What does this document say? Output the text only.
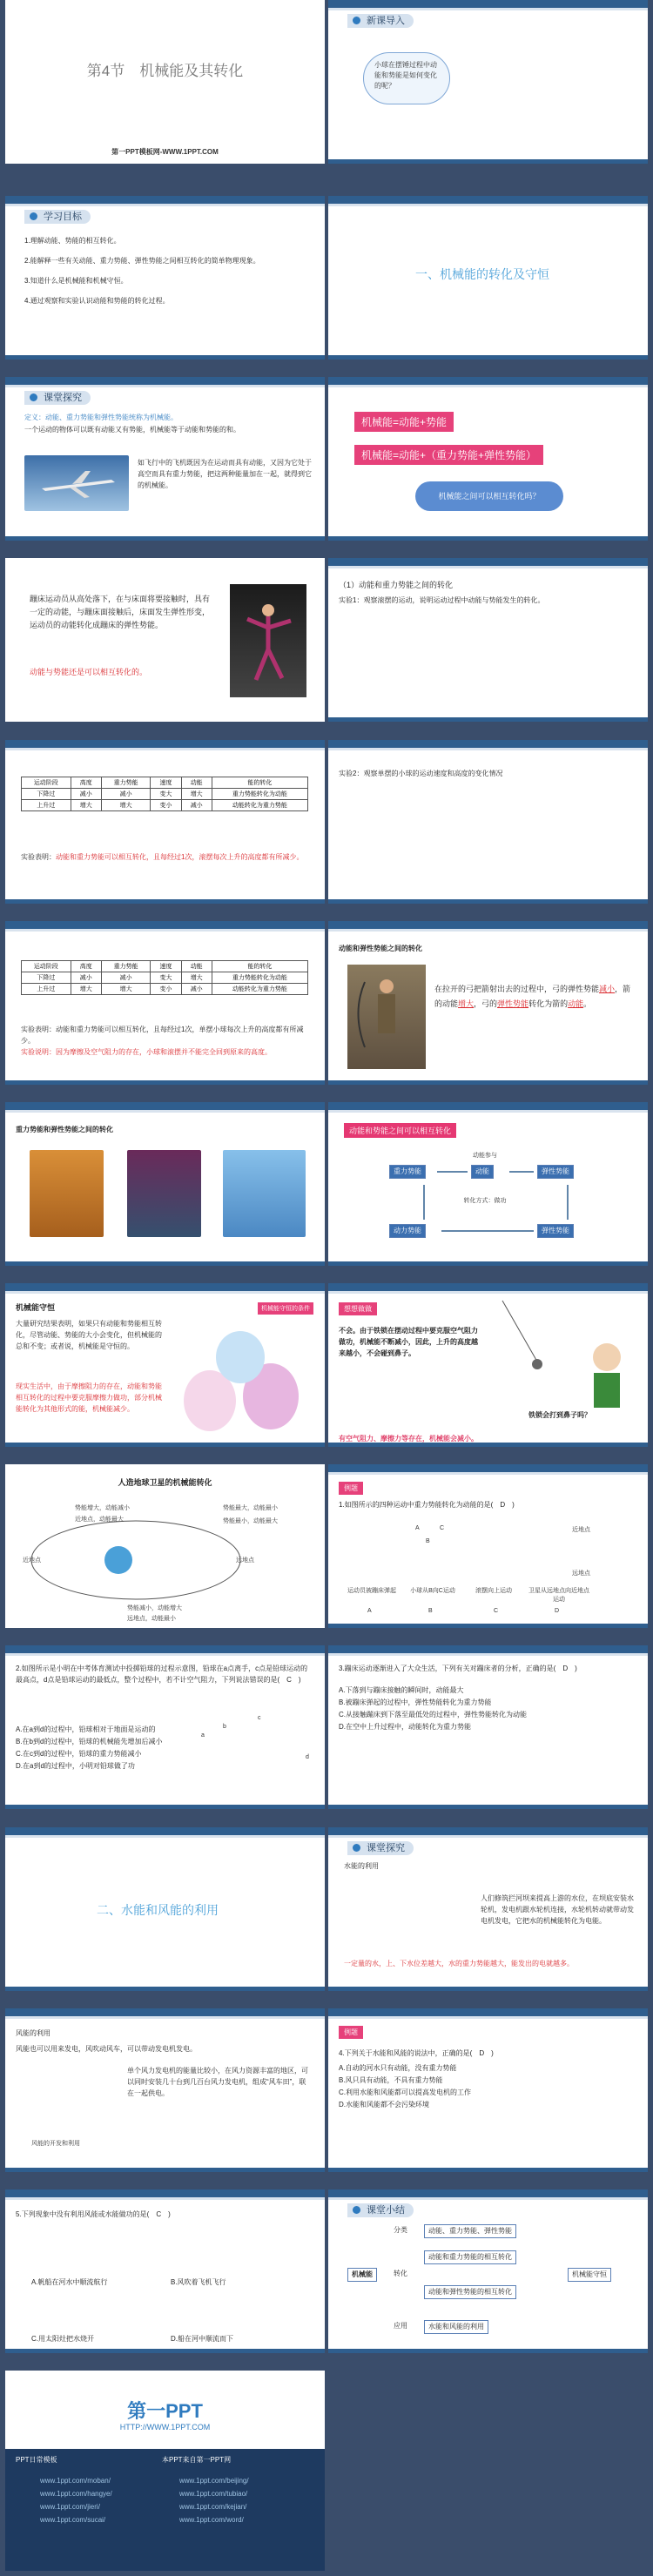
第4节　机械能及其转化
第一PPT模板网-WWW.1PPT.COM
新课导入
小球在摆锤过程中动能和势能是如何变化的呢？
学习目标
1.理解动能、势能的相互转化。
2.能解释一些有关动能、重力势能、弹性势能之间相互转化的简单物理现象。
3.知道什么是机械能和机械守恒。
4.通过观察和实验认识动能和势能的转化过程。
一、机械能的转化及守恒
课堂探究
定义：动能、重力势能和弹性势能统称为机械能。
一个运动的物体可以既有动能又有势能，机械能等于动能和势能的和。
如飞行中的飞机既因为在运动而具有动能，又因为它处于高空而具有重力势能，把这两种能量加在一起，就得到它的机械能。
机械能=动能+势能
机械能=动能+（重力势能+弹性势能）
机械能之间可以相互转化吗？
蹦床运动员从高处落下，在与床面将要接触时，具有一定的动能，与蹦床面接触后，床面发生弹性形变，运动员的动能转化成蹦床的弹性势能。
动能与势能还是可以相互转化的。
（1）动能和重力势能之间的转化
实验1：观察滚摆的运动，说明运动过程中动能与势能发生的转化。
运动阶段	高度	重力势能	速度	动能	能的转化
下降过	减小	减小	变大	增大	重力势能转化为动能
上升过	增大	增大	变小	减小	动能转化为重力势能
实验表明：动能和重力势能可以相互转化，且每经过1次，滚摆每次上升的高度都有所减少。
实验2：观察单摆的小球的运动速度和高度的变化情况
运动阶段	高度	重力势能	速度	动能	能的转化
下降过	减小	减小	变大	增大	重力势能转化为动能
上升过	增大	增大	变小	减小	动能转化为重力势能
实验表明：动能和重力势能可以相互转化，且每经过1次，单摆小球每次上升的高度都有所减少。
实验说明：因为摩擦及空气阻力的存在，小球和滚摆并不能完全回到原来的高度。
动能和弹性势能之间的转化
在拉开的弓把箭射出去的过程中，弓的弹性势能减小，箭的动能增大，弓的弹性势能转化为箭的动能。
重力势能和弹性势能之间的转化	动能和势能之间可以相互转化
动能参与
重力势能	动能	弹性势能
转化方式：做功
动力势能	弹性势能
机械能守恒	机械能守恒的条件
大量研究结果表明，如果只有动能和势能相互转化，尽管动能、势能的大小会变化，但机械能的总和不变；或者说，机械能是守恒的。
现实生活中，由于摩擦阻力的存在，动能和势能相互转化的过程中要克服摩擦力做功，部分机械能转化为其他形式的能，机械能减少。
想想做做
不会。由于铁锁在摆动过程中要克服空气阻力做功，机械能不断减小，因此，上升的高度越来越小，不会碰到鼻子。
铁锁会打到鼻子吗？
有空气阻力、摩擦力等存在，机械能会减小。
人造地球卫星的机械能转化
势能最大，动能最小
势能最小，动能最大
近地点	远地点
势能增大，动能减小
近地点，动能最大
势能减小，动能增大
远地点，动能最小
例题
1.如图所示的四种运动中重力势能转化为动能的是(　D　)
A	B	C	D
运动员被蹦床弹起	小球从B向C运动	滚摆向上运动	卫星从远地点向近地点运动
A
B
C	近地点
远地点
2.如图所示是小明在中考体育测试中投掷铅球的过程示意图，铅球在a点离手，c点是铅球运动的最高点，d点是铅球运动的最低点，整个过程中，若不计空气阻力，下列说法错误的是(　C　)
A.在a到d的过程中，铅球相对于地面是运动的
B.在b到d的过程中，铅球的机械能先增加后减小
C.在c到d的过程中，铅球的重力势能减小
D.在a到d的过程中，小明对铅球做了功
a
b
c
d
3.蹦床运动逐渐进入了大众生活，下列有关对蹦床者的分析，正确的是(　D　)
A.下落到与蹦床接触的瞬间时，动能最大
B.被蹦床弹起的过程中，弹性势能转化为重力势能
C.从接触蹦床到下落至最低处的过程中，弹性势能转化为动能
D.在空中上升过程中，动能转化为重力势能
二、水能和风能的利用
课堂探究
水能的利用
人们修筑拦河坝来提高上游的水位，在坝底安装水轮机，发电机跟水轮机连接，水轮机转动就带动发电机发电，它把水的机械能转化为电能。
一定量的水，上、下水位差越大，水的重力势能越大，能发出的电就越多。
风能的利用
风能也可以用来发电，风吹动风车，可以带动发电机发电。
单个风力发电机的能量比较小，在风力资源丰富的地区，可以同时安装几十台到几百台风力发电机，组成“风车田”，联在一起供电。
风能的开发和利用
例题
4.下列关于水能和风能的说法中，正确的是(　D　)
A.自动的河水只有动能，没有重力势能
B.风只具有动能，不具有重力势能
C.利用水能和风能都可以提高发电机的工作
D.水能和风能都不会污染环境
5.下列现象中没有利用风能或水能做功的是(　C　)
A.帆船在河水中顺流航行	B.风吹着飞机飞行
C.用太阳灶把水烧开	D.船在河中顺流而下
课堂小结
机械能
分类
转化
应用
动能、重力势能、弹性势能
动能和重力势能的相互转化
动能和弹性势能的相互转化
机械能守恒
水能和风能的利用
第一PPT
HTTP://WWW.1PPT.COM
PPT日常模板	本PPT来自第一PPT网
www.1ppt.com/moban/
www.1ppt.com/hangye/
www.1ppt.com/jieri/
www.1ppt.com/sucai/
www.1ppt.com/beijing/
www.1ppt.com/tubiao/
www.1ppt.com/kejian/
www.1ppt.com/word/
